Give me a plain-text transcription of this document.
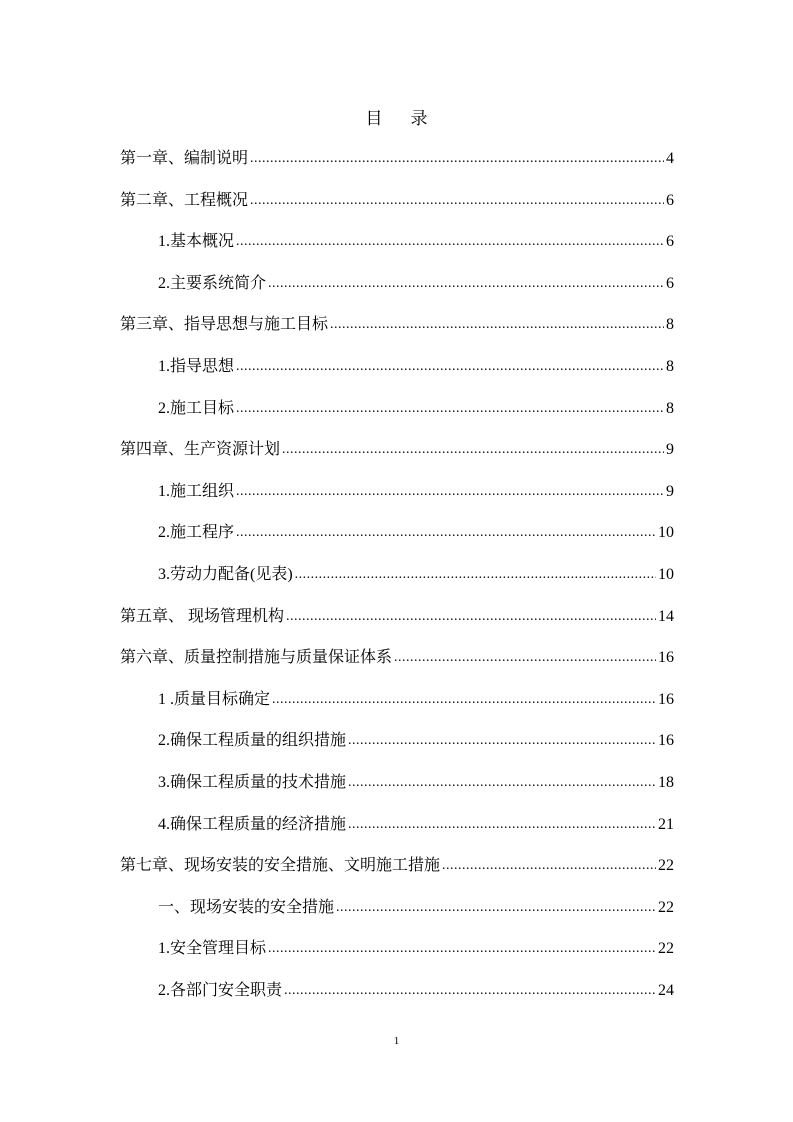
目 录
第一章、编制说明 .....	4
第二章、工程概况 .....	6
1.基本概况 .....	6
2.主要系统简介 .....	6
第三章、指导思想与施工目标 .....	8
1.指导思想 .....	8
2.施工目标 .....	8
第四章、生产资源计划 .....	9
1.施工组织 .....	9
2.施工程序 .....	10
3.劳动力配备(见表) .....	10
第五章、 现场管理机构 .....	14
第六章、质量控制措施与质量保证体系 .....	16
1 .质量目标确定 .....	16
2.确保工程质量的组织措施 .....	16
3.确保工程质量的技术措施 .....	18
4.确保工程质量的经济措施 .....	21
第七章、现场安装的安全措施、文明施工措施 .....	22
一、现场安装的安全措施 .....	22
1.安全管理目标 .....	22
2.各部门安全职责 .....	24
1
